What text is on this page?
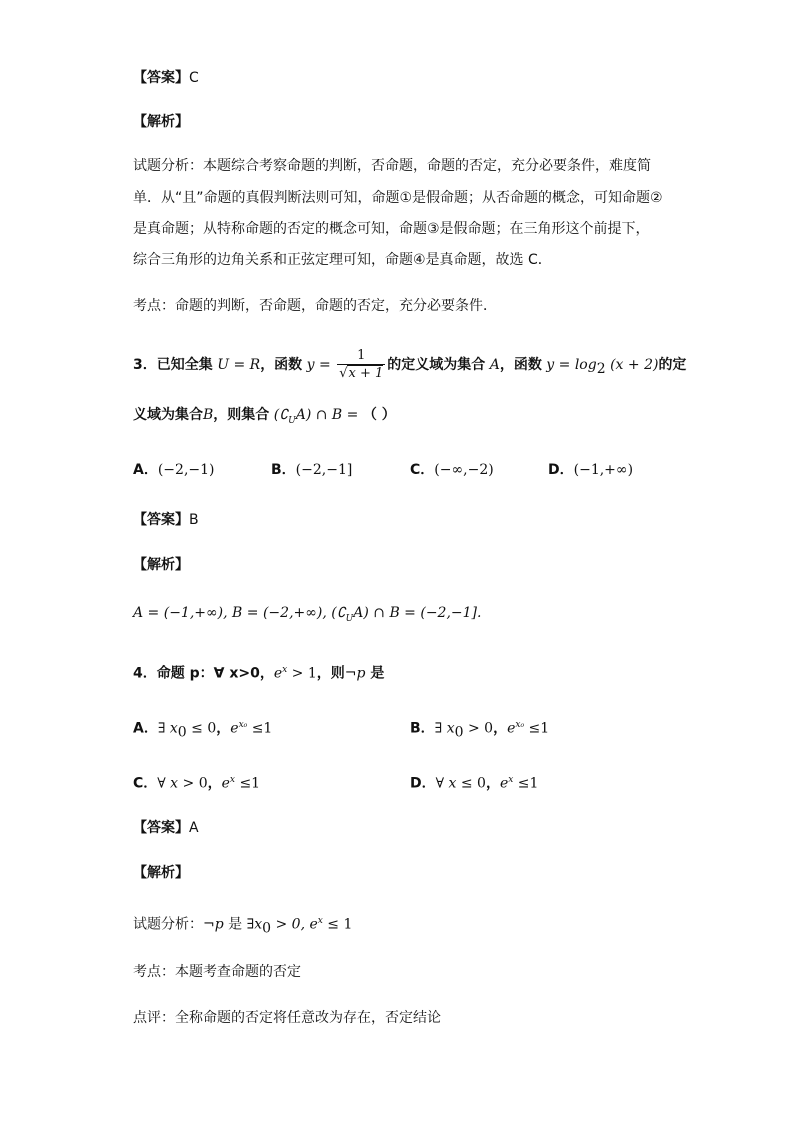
【答案】C
【解析】
试题分析：本题综合考察命题的判断，否命题，命题的否定，充分必要条件，难度简
单．从“且”命题的真假判断法则可知，命题①是假命题；从否命题的概念，可知命题②
是真命题；从特称命题的否定的概念可知，命题③是假命题；在三角形这个前提下，
综合三角形的边角关系和正弦定理可知，命题④是真命题，故选 C．
考点：命题的判断，否命题，命题的否定，充分必要条件．
3．已知全集 U = R，函数 $y = \frac{1}{√x + 1}$ 的定义域为集合 A，函数 $y = \log_2 (x + 2)$的定
义域为集合B，则集合 $(∁_UA)$ ∩ B = （ ）
A．(−2,−1)	B．(−2,−1]	C．(−∞,−2)	D．(−1,+∞)
【答案】B
【解析】
A = (−1,+∞), B = (−2,+∞), $(∁_UA)$ ∩ B = (−2,−1].
4．命题 p：∀ x>0，$e^x > 1$，则¬p 是
A．∃ $x_0 \le 0$，$e^{x_0} \le 1$	B．∃ $x_0 > 0$，$e^{x_0} \le 1$
C．∀ x > 0，$e^x \le 1$	D．∀ x ≤ 0，$e^x \le 1$
【答案】A
【解析】
试题分析：¬p 是 $\exists x_0 > 0$, $e^x \le 1$
考点：本题考查命题的否定
点评：全称命题的否定将任意改为存在，否定结论
